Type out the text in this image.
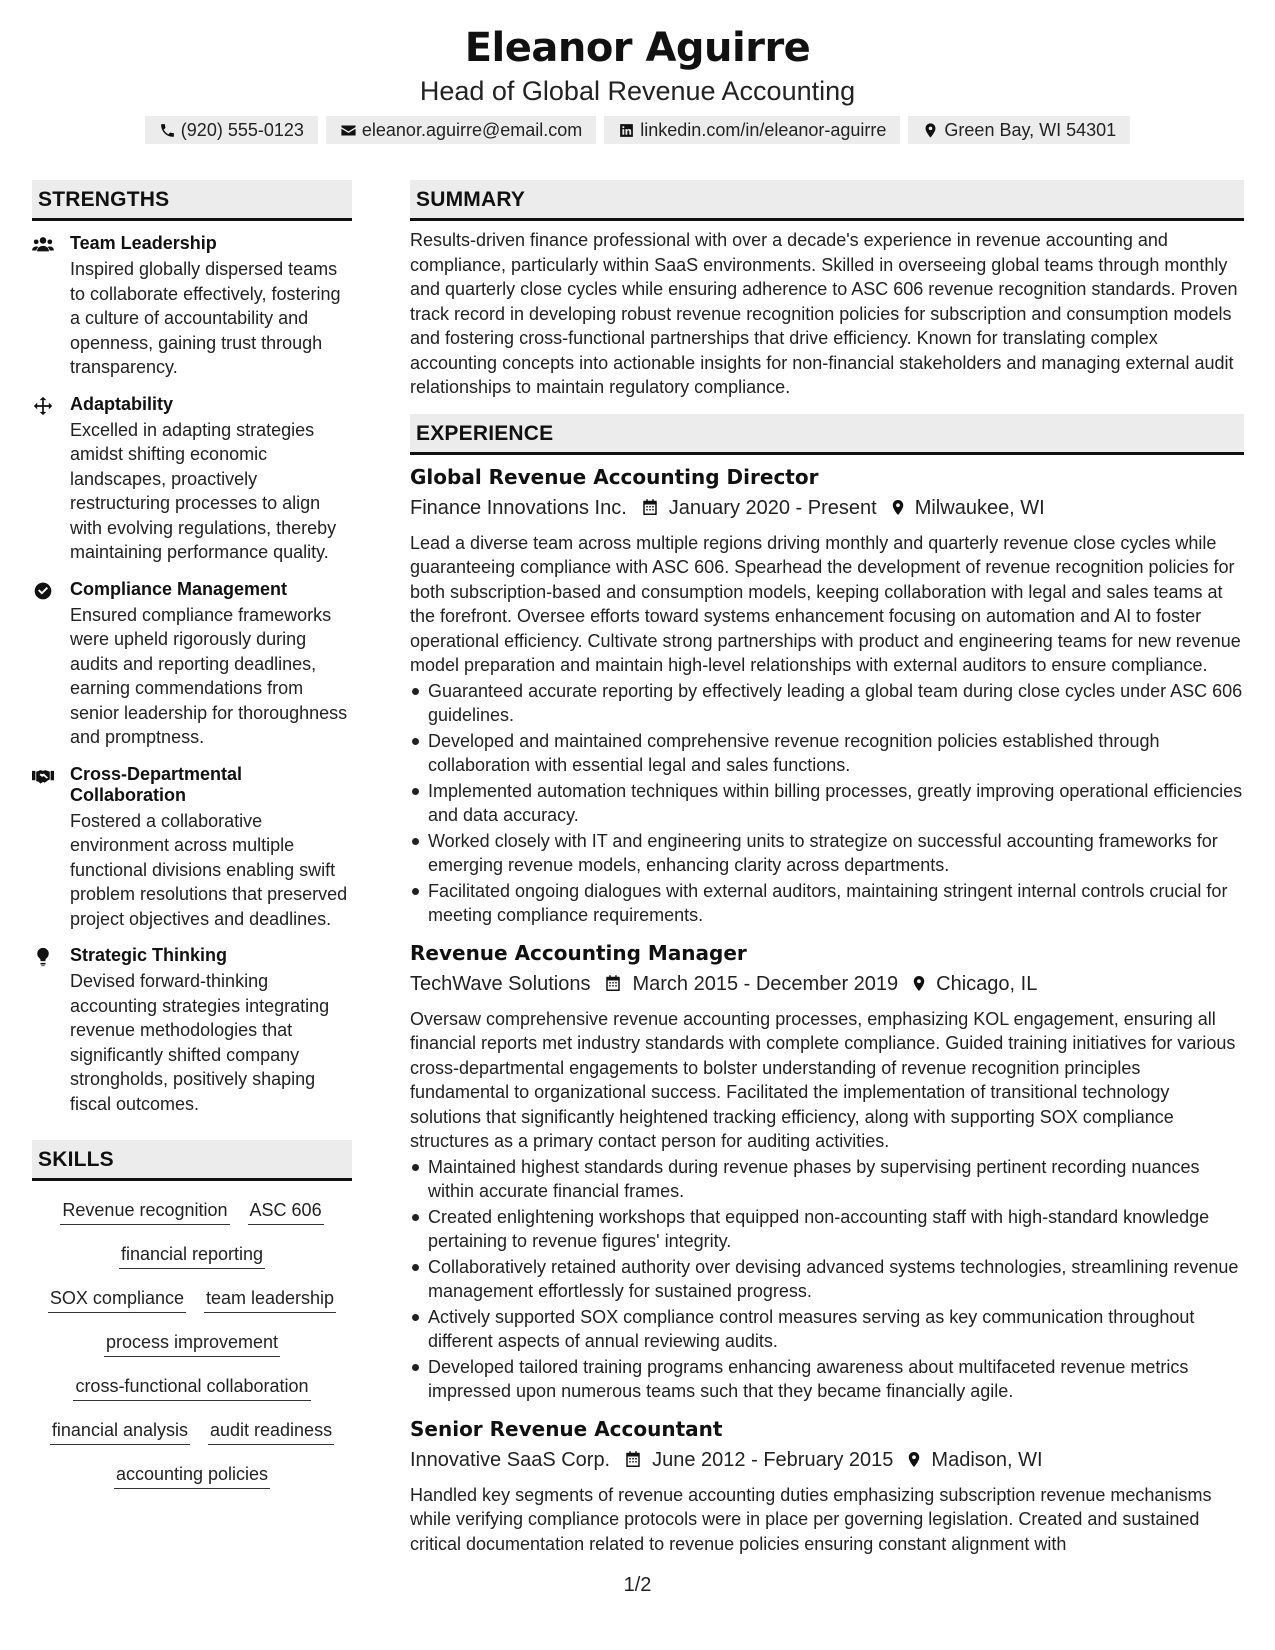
Eleanor Aguirre
Head of Global Revenue Accounting
(920) 555-0123	eleanor.aguirre@email.com	linkedin.com/in/eleanor-aguirre	Green Bay, WI 54301
STRENGTHS
Team Leadership
Inspired globally dispersed teams to collaborate effectively, fostering a culture of accountability and openness, gaining trust through transparency.
Adaptability
Excelled in adapting strategies amidst shifting economic landscapes, proactively restructuring processes to align with evolving regulations, thereby maintaining performance quality.
Compliance Management
Ensured compliance frameworks were upheld rigorously during audits and reporting deadlines, earning commendations from senior leadership for thoroughness and promptness.
Cross-Departmental Collaboration
Fostered a collaborative environment across multiple functional divisions enabling swift problem resolutions that preserved project objectives and deadlines.
Strategic Thinking
Devised forward-thinking accounting strategies integrating revenue methodologies that significantly shifted company strongholds, positively shaping fiscal outcomes.
SKILLS
Revenue recognition ASC 606
financial reporting
SOX compliance team leadership
process improvement
cross-functional collaboration
financial analysis audit readiness
accounting policies
SUMMARY
Results-driven finance professional with over a decade's experience in revenue accounting and compliance, particularly within SaaS environments. Skilled in overseeing global teams through monthly and quarterly close cycles while ensuring adherence to ASC 606 revenue recognition standards. Proven track record in developing robust revenue recognition policies for subscription and consumption models and fostering cross-functional partnerships that drive efficiency. Known for translating complex accounting concepts into actionable insights for non-financial stakeholders and managing external audit relationships to maintain regulatory compliance.
EXPERIENCE
Global Revenue Accounting Director
Finance Innovations Inc. January 2020 - Present Milwaukee, WI
Lead a diverse team across multiple regions driving monthly and quarterly revenue close cycles while guaranteeing compliance with ASC 606. Spearhead the development of revenue recognition policies for both subscription-based and consumption models, keeping collaboration with legal and sales teams at the forefront. Oversee efforts toward systems enhancement focusing on automation and AI to foster operational efficiency. Cultivate strong partnerships with product and engineering teams for new revenue model preparation and maintain high-level relationships with external auditors to ensure compliance.
Guaranteed accurate reporting by effectively leading a global team during close cycles under ASC 606 guidelines.
Developed and maintained comprehensive revenue recognition policies established through collaboration with essential legal and sales functions.
Implemented automation techniques within billing processes, greatly improving operational efficiencies and data accuracy.
Worked closely with IT and engineering units to strategize on successful accounting frameworks for emerging revenue models, enhancing clarity across departments.
Facilitated ongoing dialogues with external auditors, maintaining stringent internal controls crucial for meeting compliance requirements.
Revenue Accounting Manager
TechWave Solutions March 2015 - December 2019 Chicago, IL
Oversaw comprehensive revenue accounting processes, emphasizing KOL engagement, ensuring all financial reports met industry standards with complete compliance. Guided training initiatives for various cross-departmental engagements to bolster understanding of revenue recognition principles fundamental to organizational success. Facilitated the implementation of transitional technology solutions that significantly heightened tracking efficiency, along with supporting SOX compliance structures as a primary contact person for auditing activities.
Maintained highest standards during revenue phases by supervising pertinent recording nuances within accurate financial frames.
Created enlightening workshops that equipped non-accounting staff with high-standard knowledge pertaining to revenue figures' integrity.
Collaboratively retained authority over devising advanced systems technologies, streamlining revenue management effortlessly for sustained progress.
Actively supported SOX compliance control measures serving as key communication throughout different aspects of annual reviewing audits.
Developed tailored training programs enhancing awareness about multifaceted revenue metrics impressed upon numerous teams such that they became financially agile.
Senior Revenue Accountant
Innovative SaaS Corp. June 2012 - February 2015 Madison, WI
Handled key segments of revenue accounting duties emphasizing subscription revenue mechanisms while verifying compliance protocols were in place per governing legislation. Created and sustained critical documentation related to revenue policies ensuring constant alignment with
1/2
